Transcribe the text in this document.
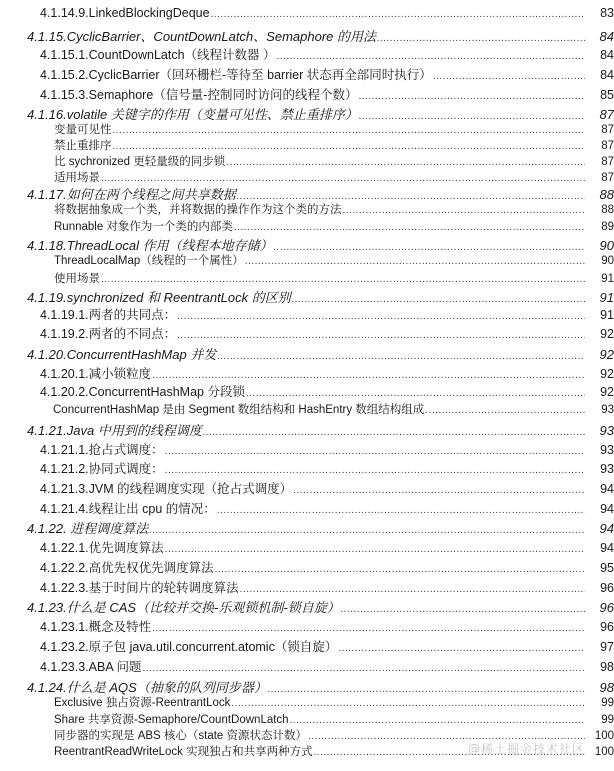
4.1.14.9. LinkedBlockingDeque .....	83
4.1.15. CyclicBarrier、CountDownLatch、Semaphore 的用法 .....	84
4.1.15.1. CountDownLatch（线程计数器 ） .....	84
4.1.15.2. CyclicBarrier（回环栅栏-等待至 barrier 状态再全部同时执行） .....	84
4.1.15.3. Semaphore（信号量-控制同时访问的线程个数） .....	85
4.1.16. volatile 关键字的作用（变量可见性、禁止重排序） .....	87
变量可见性 .....	87
禁止重排序 .....	87
比 sychronized 更轻量级的同步锁 .....	87
适用场景 .....	87
4.1.17. 如何在两个线程之间共享数据 .....	88
将数据抽象成一个类，并将数据的操作作为这个类的方法 .....	88
Runnable 对象作为一个类的内部类 .....	89
4.1.18. ThreadLocal 作用（线程本地存储） .....	90
ThreadLocalMap（线程的一个属性） .....	90
使用场景 .....	91
4.1.19. synchronized 和 ReentrantLock 的区别 .....	91
4.1.19.1. 两者的共同点： .....	91
4.1.19.2. 两者的不同点： .....	92
4.1.20. ConcurrentHashMap 并发 .....	92
4.1.20.1. 减小锁粒度 .....	92
4.1.20.2. ConcurrentHashMap 分段锁 .....	92
ConcurrentHashMap 是由 Segment 数组结构和 HashEntry 数组结构组成 .....	93
4.1.21. Java 中用到的线程调度 .....	93
4.1.21.1. 抢占式调度： .....	93
4.1.21.2. 协同式调度： .....	93
4.1.21.3. JVM 的线程调度实现（抢占式调度） .....	94
4.1.21.4. 线程让出 cpu 的情况： .....	94
4.1.22. 进程调度算法 .....	94
4.1.22.1. 优先调度算法 .....	94
4.1.22.2. 高优先权优先调度算法 .....	95
4.1.22.3. 基于时间片的轮转调度算法 .....	96
4.1.23. 什么是 CAS（比较并交换-乐观锁机制-锁自旋） .....	96
4.1.23.1. 概念及特性 .....	96
4.1.23.2. 原子包 java.util.concurrent.atomic（锁自旋） .....	97
4.1.23.3. ABA 问题 .....	98
4.1.24. 什么是 AQS（抽象的队列同步器） .....	98
Exclusive 独占资源-ReentrantLock .....	99
Share 共享资源-Semaphore/CountDownLatch .....	99
同步器的实现是 ABS 核心（state 资源状态计数） .....	100
ReentrantReadWriteLock 实现独占和共享两种方式 .....	100
@稀土掘金技术社区
